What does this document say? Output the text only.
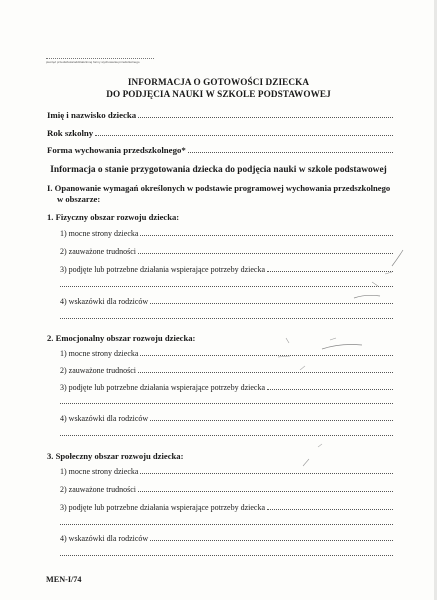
pieczęć przedszkola/oddziału/innej formy wychowania przedszkolnego
INFORMACJA O GOTOWOŚCI DZIECKA
DO PODJĘCIA NAUKI W SZKOLE PODSTAWOWEJ
Imię i nazwisko dziecka
Rok szkolny
Forma wychowania przedszkolnego*
Informacja o stanie przygotowania dziecka do podjęcia nauki w szkole podstawowej
I. Opanowanie wymagań określonych w podstawie programowej wychowania przedszkolnego
w obszarze:
1. Fizyczny obszar rozwoju dziecka:
1) mocne strony dziecka
2) zauważone trudności
3) podjęte lub potrzebne działania wspierające potrzeby dziecka
4) wskazówki dla rodziców
2. Emocjonalny obszar rozwoju dziecka:
1) mocne strony dziecka
2) zauważone trudności
3) podjęte lub potrzebne działania wspierające potrzeby dziecka
4) wskazówki dla rodziców
3. Społeczny obszar rozwoju dziecka:
1) mocne strony dziecka
2) zauważone trudności
3) podjęte lub potrzebne działania wspierające potrzeby dziecka
4) wskazówki dla rodziców
MEN-I/74
